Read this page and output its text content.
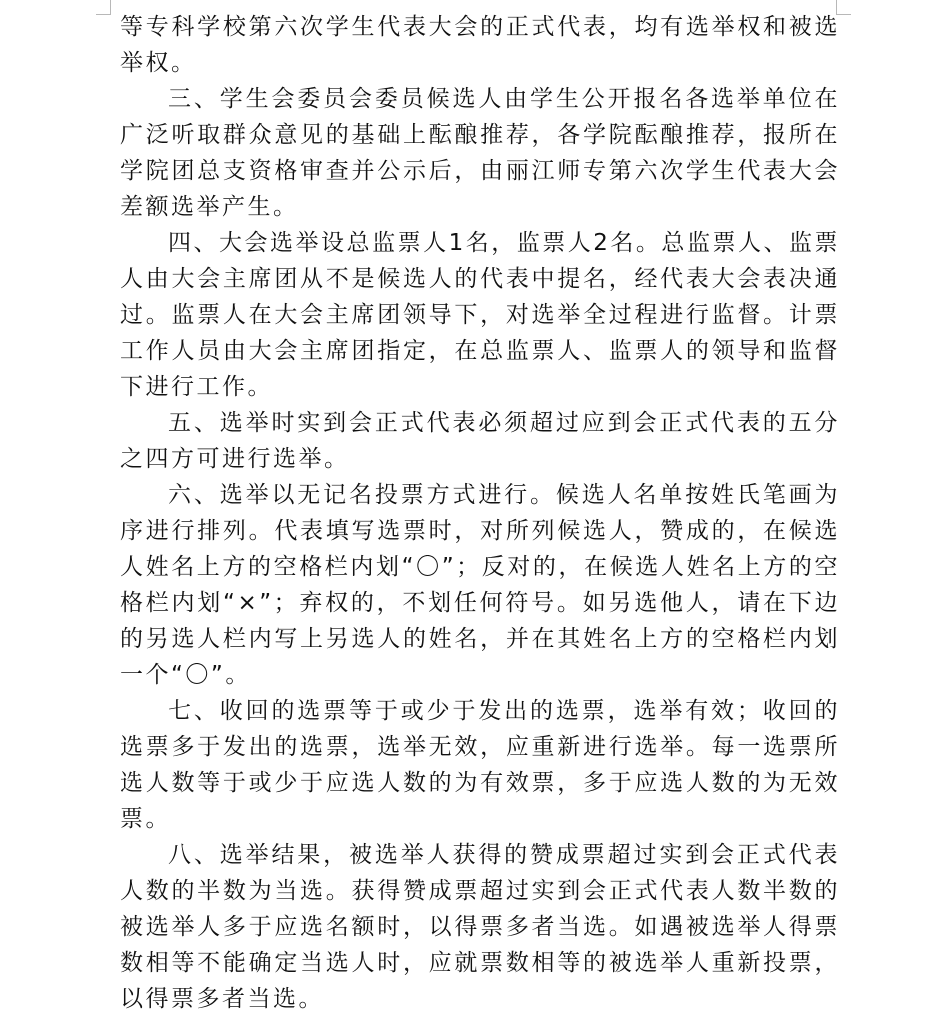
等专科学校第六次学生代表大会的正式代表，均有选举权和被选举权。

三、学生会委员会委员候选人由学生公开报名各选举单位在广泛听取群众意见的基础上酝酿推荐，各学院酝酿推荐，报所在学院团总支资格审查并公示后，由丽江师专第六次学生代表大会差额选举产生。

四、大会选举设总监票人1名，监票人2名。总监票人、监票人由大会主席团从不是候选人的代表中提名，经代表大会表决通过。监票人在大会主席团领导下，对选举全过程进行监督。计票工作人员由大会主席团指定，在总监票人、监票人的领导和监督下进行工作。

五、选举时实到会正式代表必须超过应到会正式代表的五分之四方可进行选举。

六、选举以无记名投票方式进行。候选人名单按姓氏笔画为序进行排列。代表填写选票时，对所列候选人，赞成的，在候选人姓名上方的空格栏内划“〇”；反对的，在候选人姓名上方的空格栏内划“×”；弃权的，不划任何符号。如另选他人，请在下边的另选人栏内写上另选人的姓名，并在其姓名上方的空格栏内划一个“〇”。

七、收回的选票等于或少于发出的选票，选举有效；收回的选票多于发出的选票，选举无效，应重新进行选举。每一选票所选人数等于或少于应选人数的为有效票，多于应选人数的为无效票。

八、选举结果，被选举人获得的赞成票超过实到会正式代表人数的半数为当选。获得赞成票超过实到会正式代表人数半数的被选举人多于应选名额时，以得票多者当选。如遇被选举人得票数相等不能确定当选人时，应就票数相等的被选举人重新投票，以得票多者当选。
